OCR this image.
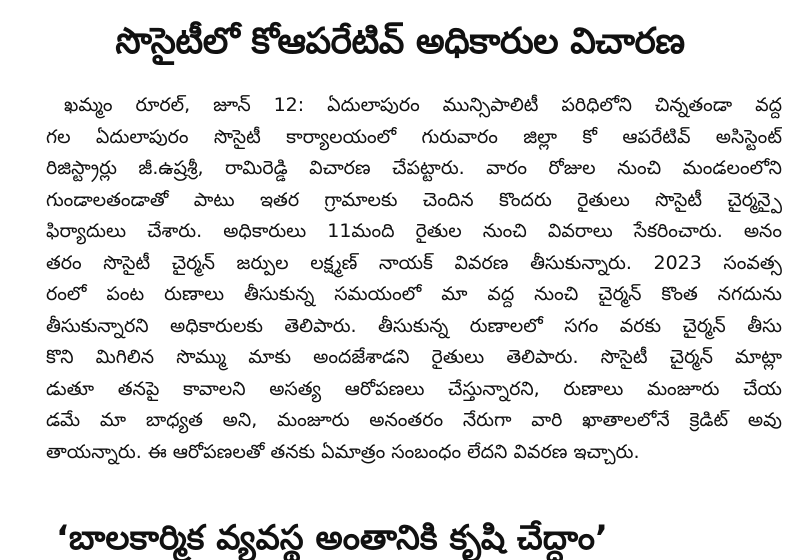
సొసైటీలో కోఆపరేటివ్ అధికారుల విచారణ
ఖమ్మం రూరల్, జూన్ 12: ఏదులాపురం మున్సిపాలిటీ పరిధిలోని చిన్నతండా వద్ద
గల ఏదులాపురం సొసైటీ కార్యాలయంలో గురువారం జిల్లా కో ఆపరేటివ్ అసిస్టెంట్
రిజిస్ట్రార్లు జీ.ఉష్రశ్రీ, రామిరెడ్డి విచారణ చేపట్టారు. వారం రోజుల నుంచి మండలంలోని
గుండాలతండాతో పాటు ఇతర గ్రామాలకు చెందిన కొందరు రైతులు సొసైటీ చైర్మన్పై
ఫిర్యాదులు చేశారు. అధికారులు 11మంది రైతుల నుంచి వివరాలు సేకరించారు. అనం
తరం సొసైటీ చైర్మన్ జర్పుల లక్ష్మణ్ నాయక్ వివరణ తీసుకున్నారు. 2023 సంవత్స
రంలో పంట రుణాలు తీసుకున్న సమయంలో మా వద్ద నుంచి చైర్మన్ కొంత నగదును
తీసుకున్నారని అధికారులకు తెలిపారు. తీసుకున్న రుణాలలో సగం వరకు చైర్మన్ తీసు
కొని మిగిలిన సొమ్ము మాకు అందజేశాడని రైతులు తెలిపారు. సొసైటీ చైర్మన్ మాట్లా
డుతూ తనపై కావాలని అసత్య ఆరోపణలు చేస్తున్నారని, రుణాలు మంజూరు చేయ
డమే మా బాధ్యత అని, మంజూరు అనంతరం నేరుగా వారి ఖాతాలలోనే క్రెడిట్ అవు
తాయన్నారు. ఈ ఆరోపణలతో తనకు ఏమాత్రం సంబంధం లేదని వివరణ ఇచ్చారు.
‘బాలకార్మిక వ్యవస్థ అంతానికి కృషి చేద్దాం’
